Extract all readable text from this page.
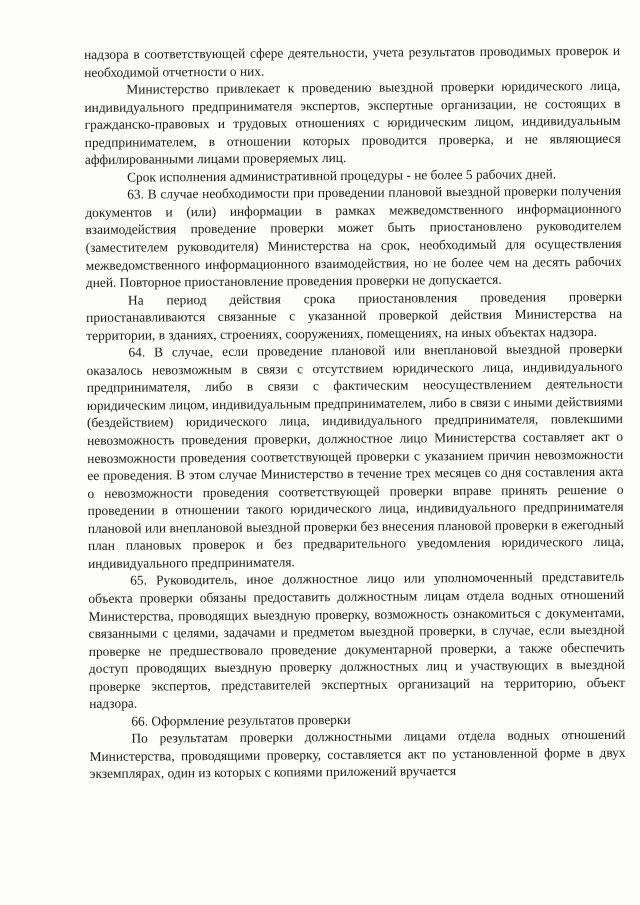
надзора в соответствующей сфере деятельности, учета результатов проводимых проверок и необходимой отчетности о них.

Министерство привлекает к проведению выездной проверки юридического лица, индивидуального предпринимателя экспертов, экспертные организации, не состоящих в гражданско-правовых и трудовых отношениях с юридическим лицом, индивидуальным предпринимателем, в отношении которых проводится проверка, и не являющиеся аффилированными лицами проверяемых лиц.

Срок исполнения административной процедуры - не более 5 рабочих дней.

63. В случае необходимости при проведении плановой выездной проверки получения документов и (или) информации в рамках межведомственного информационного взаимодействия проведение проверки может быть приостановлено руководителем (заместителем руководителя) Министерства на срок, необходимый для осуществления межведомственного информационного взаимодействия, но не более чем на десять рабочих дней. Повторное приостановление проведения проверки не допускается.

На период действия срока приостановления проведения проверки приостанавливаются связанные с указанной проверкой действия Министерства на территории, в зданиях, строениях, сооружениях, помещениях, на иных объектах надзора.

64. В случае, если проведение плановой или внеплановой выездной проверки оказалось невозможным в связи с отсутствием юридического лица, индивидуального предпринимателя, либо в связи с фактическим неосуществлением деятельности юридическим лицом, индивидуальным предпринимателем, либо в связи с иными действиями (бездействием) юридического лица, индивидуального предпринимателя, повлекшими невозможность проведения проверки, должностное лицо Министерства составляет акт о невозможности проведения соответствующей проверки с указанием причин невозможности ее проведения. В этом случае Министерство в течение трех месяцев со дня составления акта о невозможности проведения соответствующей проверки вправе принять решение о проведении в отношении такого юридического лица, индивидуального предпринимателя плановой или внеплановой выездной проверки без внесения плановой проверки в ежегодный план плановых проверок и без предварительного уведомления юридического лица, индивидуального предпринимателя.

65. Руководитель, иное должностное лицо или уполномоченный представитель объекта проверки обязаны предоставить должностным лицам отдела водных отношений Министерства, проводящих выездную проверку, возможность ознакомиться с документами, связанными с целями, задачами и предметом выездной проверки, в случае, если выездной проверке не предшествовало проведение документарной проверки, а также обеспечить доступ проводящих выездную проверку должностных лиц и участвующих в выездной проверке экспертов, представителей экспертных организаций на территорию, объект надзора.

66. Оформление результатов проверки

По результатам проверки должностными лицами отдела водных отношений Министерства, проводящими проверку, составляется акт по установленной форме в двух экземплярах, один из которых с копиями приложений вручается
